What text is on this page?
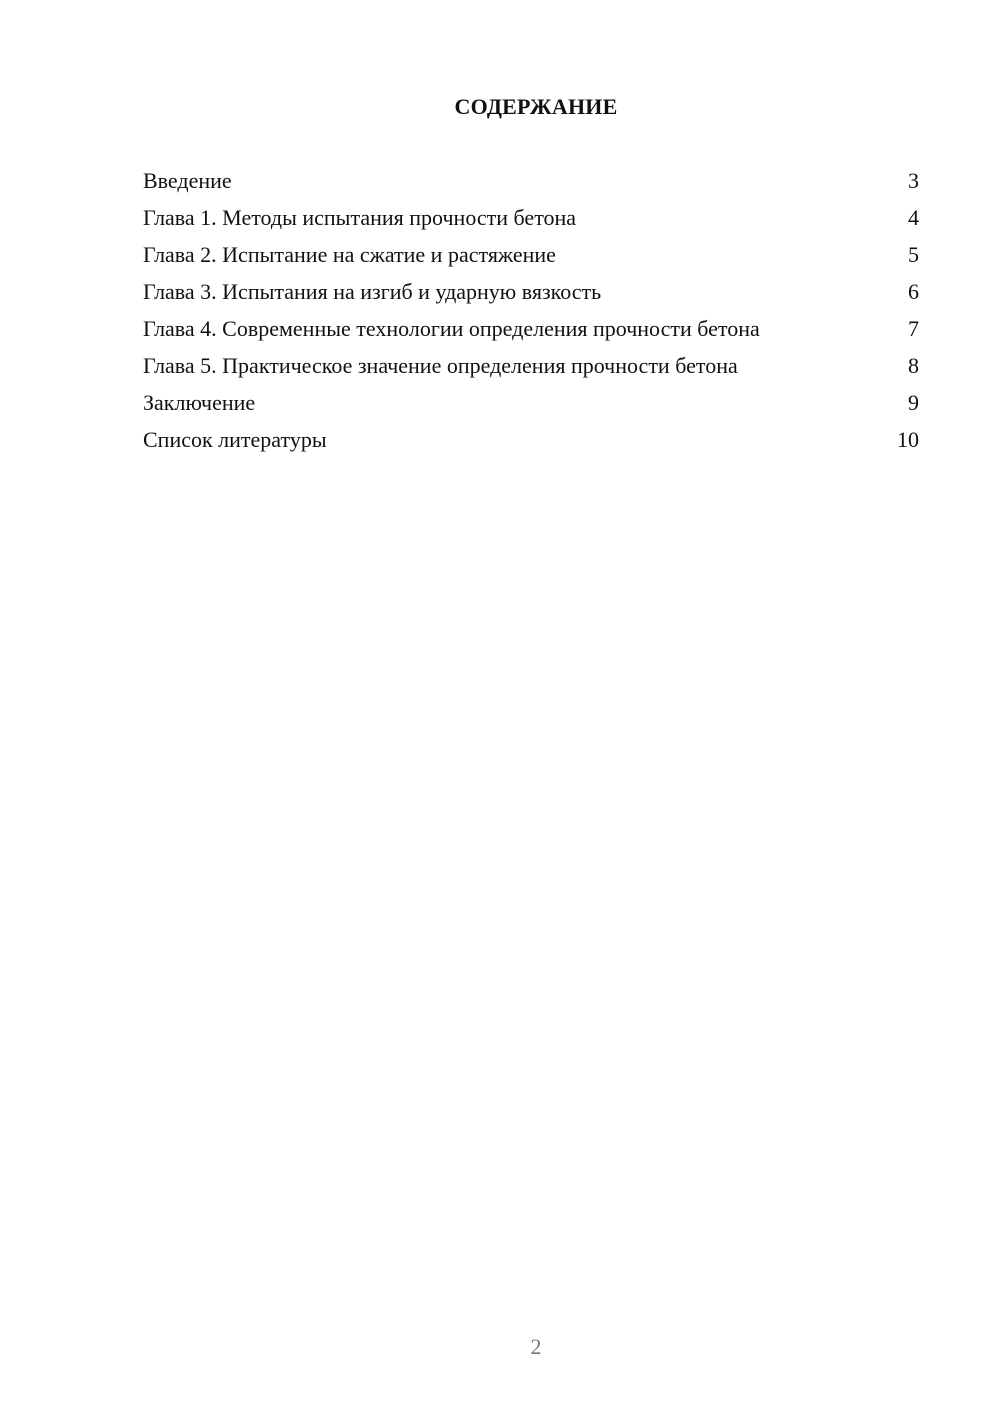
СОДЕРЖАНИЕ
Введение	3
Глава 1. Методы испытания прочности бетона	4
Глава 2. Испытание на сжатие и растяжение	5
Глава 3. Испытания на изгиб и ударную вязкость	6
Глава 4. Современные технологии определения прочности бетона	7
Глава 5. Практическое значение определения прочности бетона	8
Заключение	9
Список литературы	10
2
